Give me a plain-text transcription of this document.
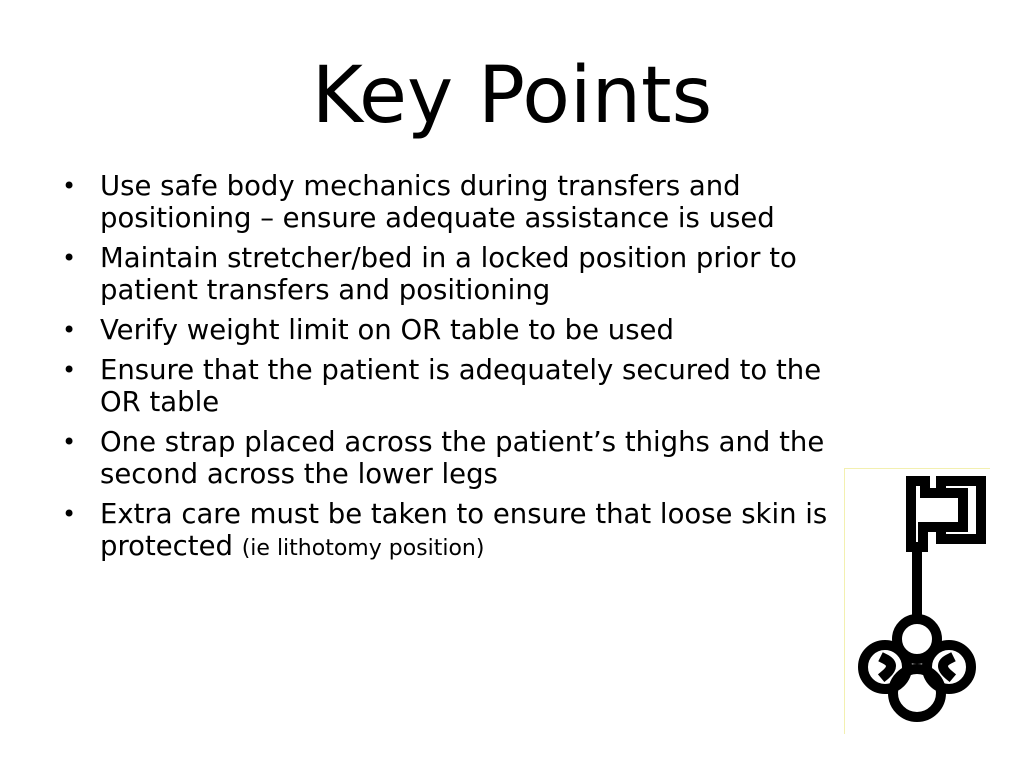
Key Points
• Use safe body mechanics during transfers and positioning – ensure adequate assistance is used
• Maintain stretcher/bed in a locked position prior to patient transfers and positioning
• Verify weight limit on OR table to be used
• Ensure that the patient is adequately secured to the OR table
• One strap placed across the patient’s thighs and the second across the lower legs
• Extra care must be taken to ensure that loose skin is protected (ie lithotomy position)
